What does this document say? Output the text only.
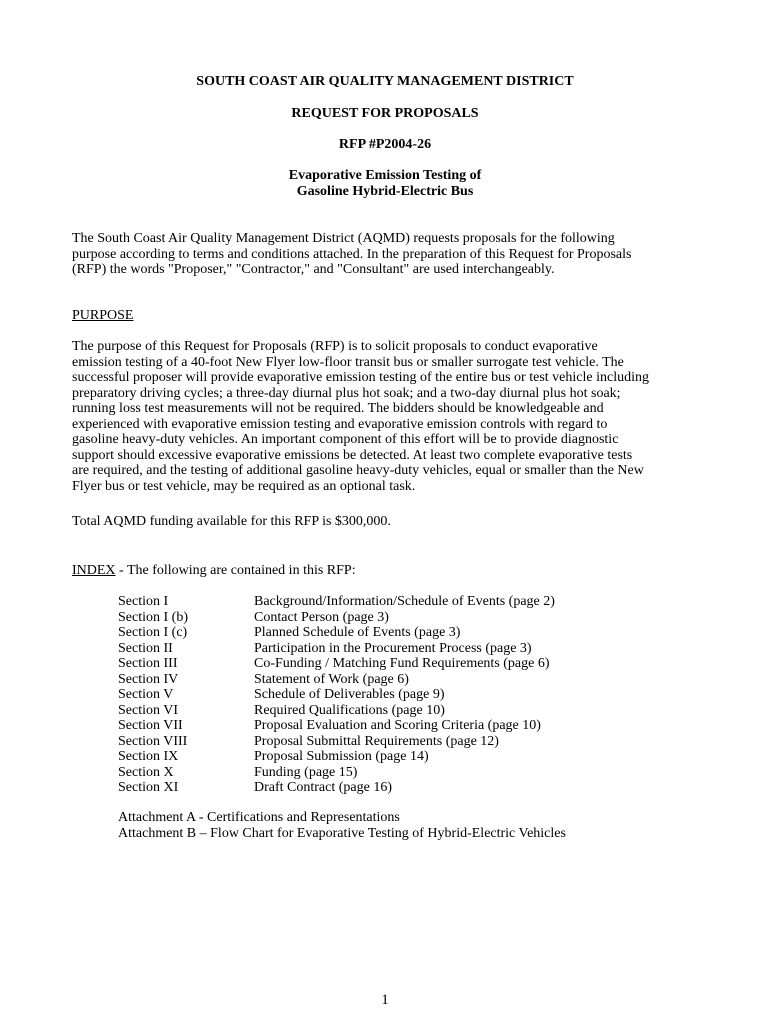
SOUTH COAST AIR QUALITY MANAGEMENT DISTRICT
REQUEST FOR PROPOSALS
RFP #P2004-26
Evaporative Emission Testing of
Gasoline Hybrid-Electric Bus
The South Coast Air Quality Management District (AQMD) requests proposals for the following
purpose according to terms and conditions attached. In the preparation of this Request for Proposals
(RFP) the words "Proposer," "Contractor," and "Consultant" are used interchangeably.
PURPOSE
The purpose of this Request for Proposals (RFP) is to solicit proposals to conduct evaporative
emission testing of a 40-foot New Flyer low-floor transit bus or smaller surrogate test vehicle. The
successful proposer will provide evaporative emission testing of the entire bus or test vehicle including
preparatory driving cycles; a three-day diurnal plus hot soak; and a two-day diurnal plus hot soak;
running loss test measurements will not be required. The bidders should be knowledgeable and
experienced with evaporative emission testing and evaporative emission controls with regard to
gasoline heavy-duty vehicles. An important component of this effort will be to provide diagnostic
support should excessive evaporative emissions be detected. At least two complete evaporative tests
are required, and the testing of additional gasoline heavy-duty vehicles, equal or smaller than the New
Flyer bus or test vehicle, may be required as an optional task.
Total AQMD funding available for this RFP is $300,000.
INDEX - The following are contained in this RFP:
Section I	Background/Information/Schedule of Events (page 2)
Section I (b)	Contact Person (page 3)
Section I (c)	Planned Schedule of Events (page 3)
Section II	Participation in the Procurement Process (page 3)
Section III	Co-Funding / Matching Fund Requirements (page 6)
Section IV	Statement of Work (page 6)
Section V	Schedule of Deliverables (page 9)
Section VI	Required Qualifications (page 10)
Section VII	Proposal Evaluation and Scoring Criteria (page 10)
Section VIII	Proposal Submittal Requirements (page 12)
Section IX	Proposal Submission (page 14)
Section X	Funding (page 15)
Section XI	Draft Contract (page 16)
Attachment A - Certifications and Representations
Attachment B – Flow Chart for Evaporative Testing of Hybrid-Electric Vehicles
1
